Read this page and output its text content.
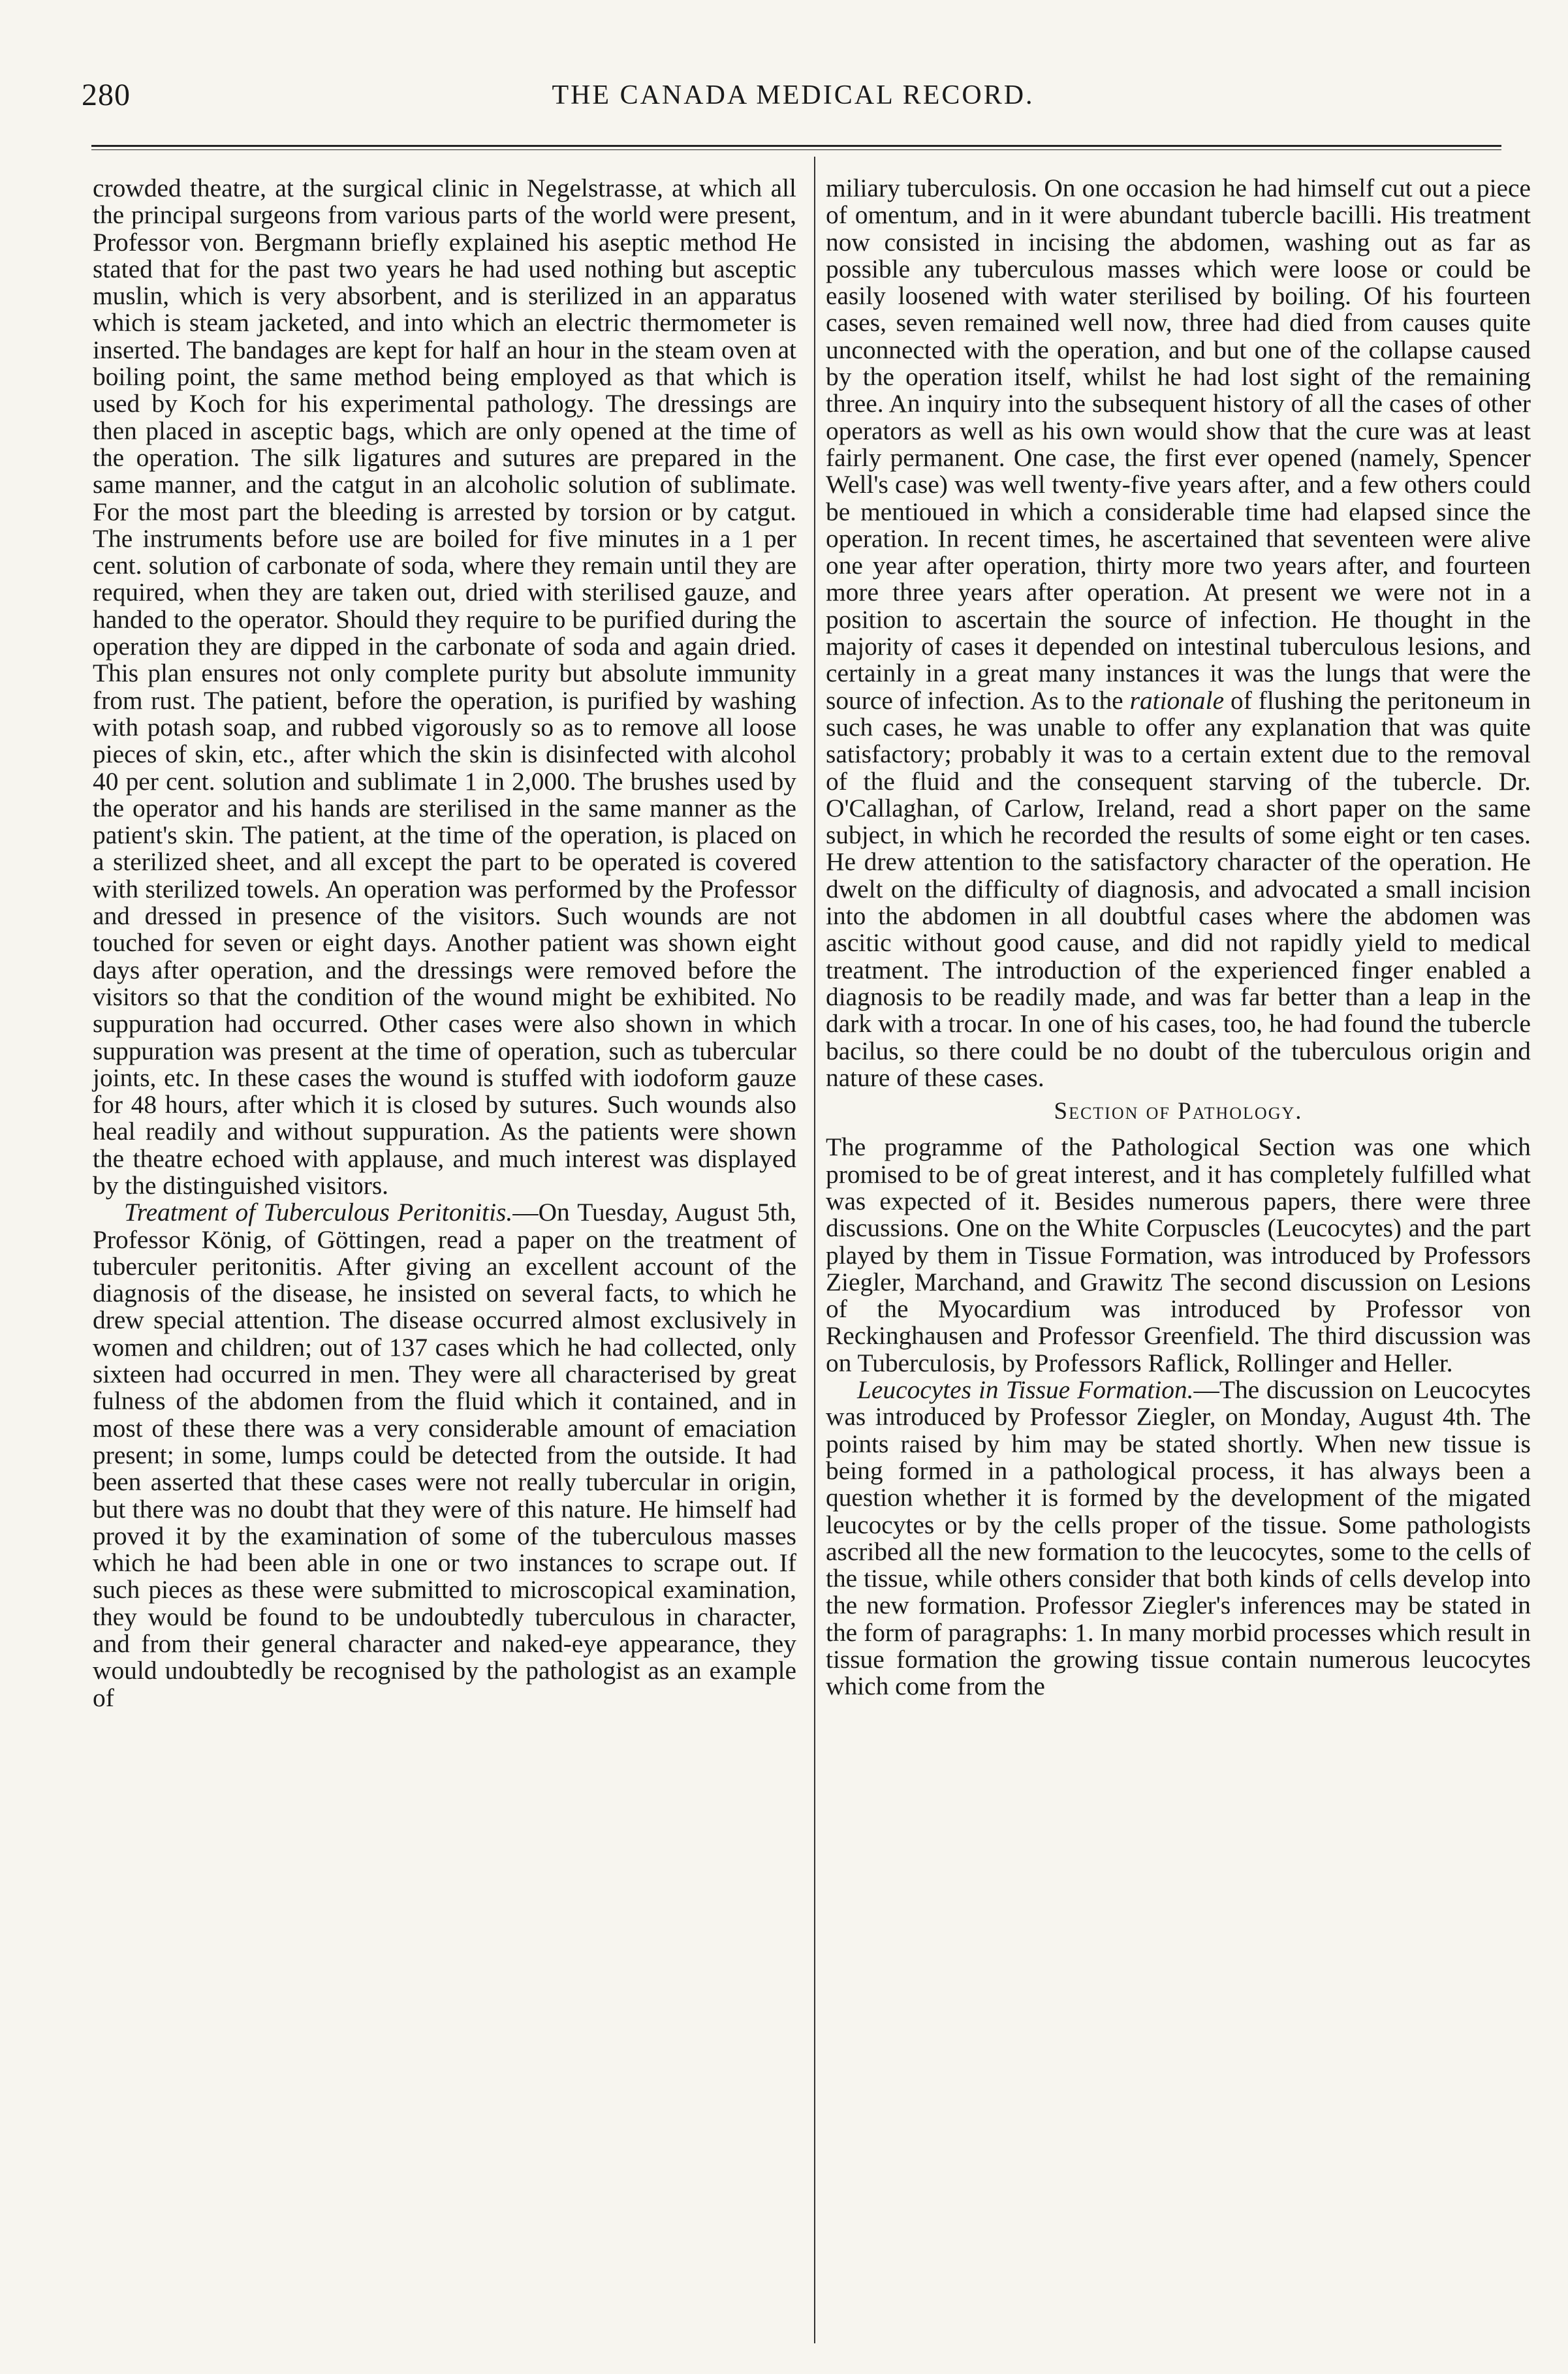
280	THE CANADA MEDICAL RECORD.

crowded theatre, at the surgical clinic in Negelstrasse, at which all the principal surgeons from various parts of the world were present, Professor von. Bergmann briefly explained his aseptic method He stated that for the past two years he had used nothing but asceptic muslin, which is very absorbent, and is sterilized in an apparatus which is steam jacketed, and into which an electric thermometer is inserted. The bandages are kept for half an hour in the steam oven at boiling point, the same method being employed as that which is used by Koch for his experimental pathology. The dressings are then placed in asceptic bags, which are only opened at the time of the operation. The silk ligatures and sutures are prepared in the same manner, and the catgut in an alcoholic solution of sublimate. For the most part the bleeding is arrested by torsion or by catgut. The instruments before use are boiled for five minutes in a 1 per cent. solution of carbonate of soda, where they remain until they are required, when they are taken out, dried with sterilised gauze, and handed to the operator. Should they require to be purified during the operation they are dipped in the carbonate of soda and again dried. This plan ensures not only complete purity but absolute immunity from rust. The patient, before the operation, is purified by washing with potash soap, and rubbed vigorously so as to remove all loose pieces of skin, etc., after which the skin is disinfected with alcohol 40 per cent. solution and sublimate 1 in 2,000. The brushes used by the operator and his hands are sterilised in the same manner as the patient's skin. The patient, at the time of the operation, is placed on a sterilized sheet, and all except the part to be operated is covered with sterilized towels. An operation was performed by the Professor and dressed in presence of the visitors. Such wounds are not touched for seven or eight days. Another patient was shown eight days after operation, and the dressings were removed before the visitors so that the condition of the wound might be exhibited. No suppuration had occurred. Other cases were also shown in which suppuration was present at the time of operation, such as tubercular joints, etc. In these cases the wound is stuffed with iodoform gauze for 48 hours, after which it is closed by sutures. Such wounds also heal readily and without suppuration. As the patients were shown the theatre echoed with applause, and much interest was displayed by the distinguished visitors.

Treatment of Tuberculous Peritonitis.—On Tuesday, August 5th, Professor König, of Göttingen, read a paper on the treatment of tuberculer peritonitis. After giving an excellent account of the diagnosis of the disease, he insisted on several facts, to which he drew special attention. The disease occurred almost exclusively in women and children; out of 137 cases which he had collected, only sixteen had occurred in men. They were all characterised by great fulness of the abdomen from the fluid which it contained, and in most of these there was a very considerable amount of emaciation present; in some, lumps could be detected from the outside. It had been asserted that these cases were not really tubercular in origin, but there was no doubt that they were of this nature. He himself had proved it by the examination of some of the tuberculous masses which he had been able in one or two instances to scrape out. If such pieces as these were submitted to microscopical examination, they would be found to be undoubtedly tuberculous in character, and from their general character and naked-eye appearance, they would undoubtedly be recognised by the pathologist as an example of

miliary tuberculosis. On one occasion he had himself cut out a piece of omentum, and in it were abundant tubercle bacilli. His treatment now consisted in incising the abdomen, washing out as far as possible any tuberculous masses which were loose or could be easily loosened with water sterilised by boiling. Of his fourteen cases, seven remained well now, three had died from causes quite unconnected with the operation, and but one of the collapse caused by the operation itself, whilst he had lost sight of the remaining three. An inquiry into the subsequent history of all the cases of other operators as well as his own would show that the cure was at least fairly permanent. One case, the first ever opened (namely, Spencer Well's case) was well twenty-five years after, and a few others could be mentioued in which a considerable time had elapsed since the operation. In recent times, he ascertained that seventeen were alive one year after operation, thirty more two years after, and fourteen more three years after operation. At present we were not in a position to ascertain the source of infection. He thought in the majority of cases it depended on intestinal tuberculous lesions, and certainly in a great many instances it was the lungs that were the source of infection. As to the rationale of flushing the peritoneum in such cases, he was unable to offer any explanation that was quite satisfactory; probably it was to a certain extent due to the removal of the fluid and the consequent starving of the tubercle. Dr. O'Callaghan, of Carlow, Ireland, read a short paper on the same subject, in which he recorded the results of some eight or ten cases. He drew attention to the satisfactory character of the operation. He dwelt on the difficulty of diagnosis, and advocated a small incision into the abdomen in all doubtful cases where the abdomen was ascitic without good cause, and did not rapidly yield to medical treatment. The introduction of the experienced finger enabled a diagnosis to be readily made, and was far better than a leap in the dark with a trocar. In one of his cases, too, he had found the tubercle bacilus, so there could be no doubt of the tuberculous origin and nature of these cases.

Section of Pathology.

The programme of the Pathological Section was one which promised to be of great interest, and it has completely fulfilled what was expected of it. Besides numerous papers, there were three discussions. One on the White Corpuscles (Leucocytes) and the part played by them in Tissue Formation, was introduced by Professors Ziegler, Marchand, and Grawitz The second discussion on Lesions of the Myocardium was introduced by Professor von Reckinghausen and Professor Greenfield. The third discussion was on Tuberculosis, by Professors Raflick, Rollinger and Heller.

Leucocytes in Tissue Formation.—The discussion on Leucocytes was introduced by Professor Ziegler, on Monday, August 4th. The points raised by him may be stated shortly. When new tissue is being formed in a pathological process, it has always been a question whether it is formed by the development of the migated leucocytes or by the cells proper of the tissue. Some pathologists ascribed all the new formation to the leucocytes, some to the cells of the tissue, while others consider that both kinds of cells develop into the new formation. Professor Ziegler's inferences may be stated in the form of paragraphs: 1. In many morbid processes which result in tissue formation the growing tissue contain numerous leucocytes which come from the
